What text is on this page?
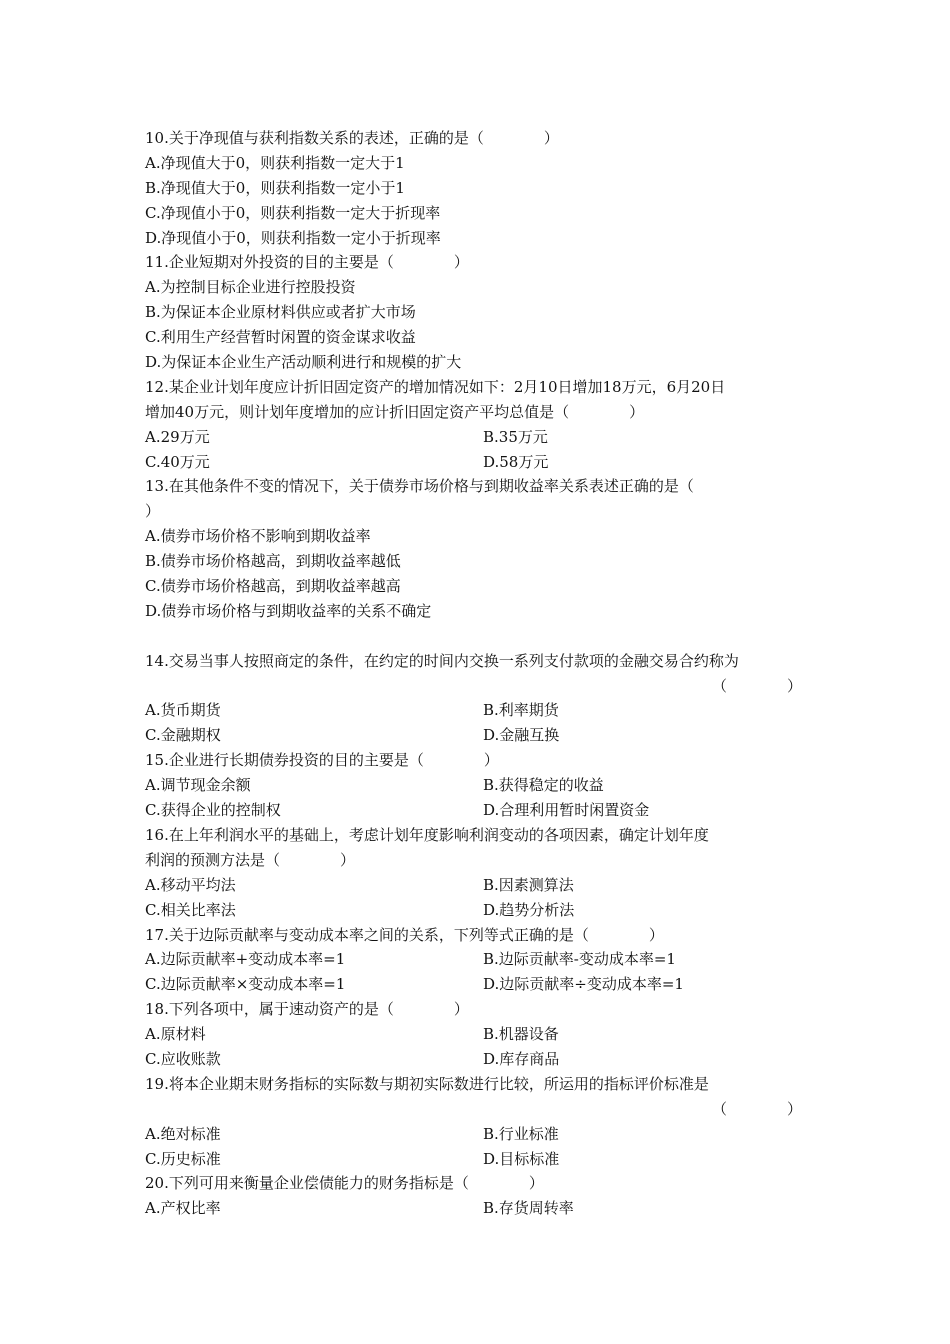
10.关于净现值与获利指数关系的表述，正确的是（　　　　）
A.净现值大于0，则获利指数一定大于1
B.净现值大于0，则获利指数一定小于1
C.净现值小于0，则获利指数一定大于折现率
D.净现值小于0，则获利指数一定小于折现率
11.企业短期对外投资的目的主要是（　　　　）
A.为控制目标企业进行控股投资
B.为保证本企业原材料供应或者扩大市场
C.利用生产经营暂时闲置的资金谋求收益
D.为保证本企业生产活动顺利进行和规模的扩大
12.某企业计划年度应计折旧固定资产的增加情况如下：2月10日增加18万元，6月20日
增加40万元，则计划年度增加的应计折旧固定资产平均总值是（　　　　）
A.29万元	B.35万元
C.40万元	D.58万元
13.在其他条件不变的情况下，关于债券市场价格与到期收益率关系表述正确的是（
）
A.债券市场价格不影响到期收益率
B.债券市场价格越高，到期收益率越低
C.债券市场价格越高，到期收益率越高
D.债券市场价格与到期收益率的关系不确定
14.交易当事人按照商定的条件，在约定的时间内交换一系列支付款项的金融交易合约称为
（　　　　）
A.货币期货	B.利率期货
C.金融期权	D.金融互换
15.企业进行长期债券投资的目的主要是（　　　　）
A.调节现金余额	B.获得稳定的收益
C.获得企业的控制权	D.合理利用暂时闲置资金
16.在上年利润水平的基础上，考虑计划年度影响利润变动的各项因素，确定计划年度
利润的预测方法是（　　　　）
A.移动平均法	B.因素测算法
C.相关比率法	D.趋势分析法
17.关于边际贡献率与变动成本率之间的关系，下列等式正确的是（　　　　）
A.边际贡献率+变动成本率=1	B.边际贡献率-变动成本率=1
C.边际贡献率×变动成本率=1	D.边际贡献率÷变动成本率=1
18.下列各项中，属于速动资产的是（　　　　）
A.原材料	B.机器设备
C.应收账款	D.库存商品
19.将本企业期末财务指标的实际数与期初实际数进行比较，所运用的指标评价标准是
（　　　　）
A.绝对标准	B.行业标准
C.历史标准	D.目标标准
20.下列可用来衡量企业偿债能力的财务指标是（　　　　）
A.产权比率	B.存货周转率
